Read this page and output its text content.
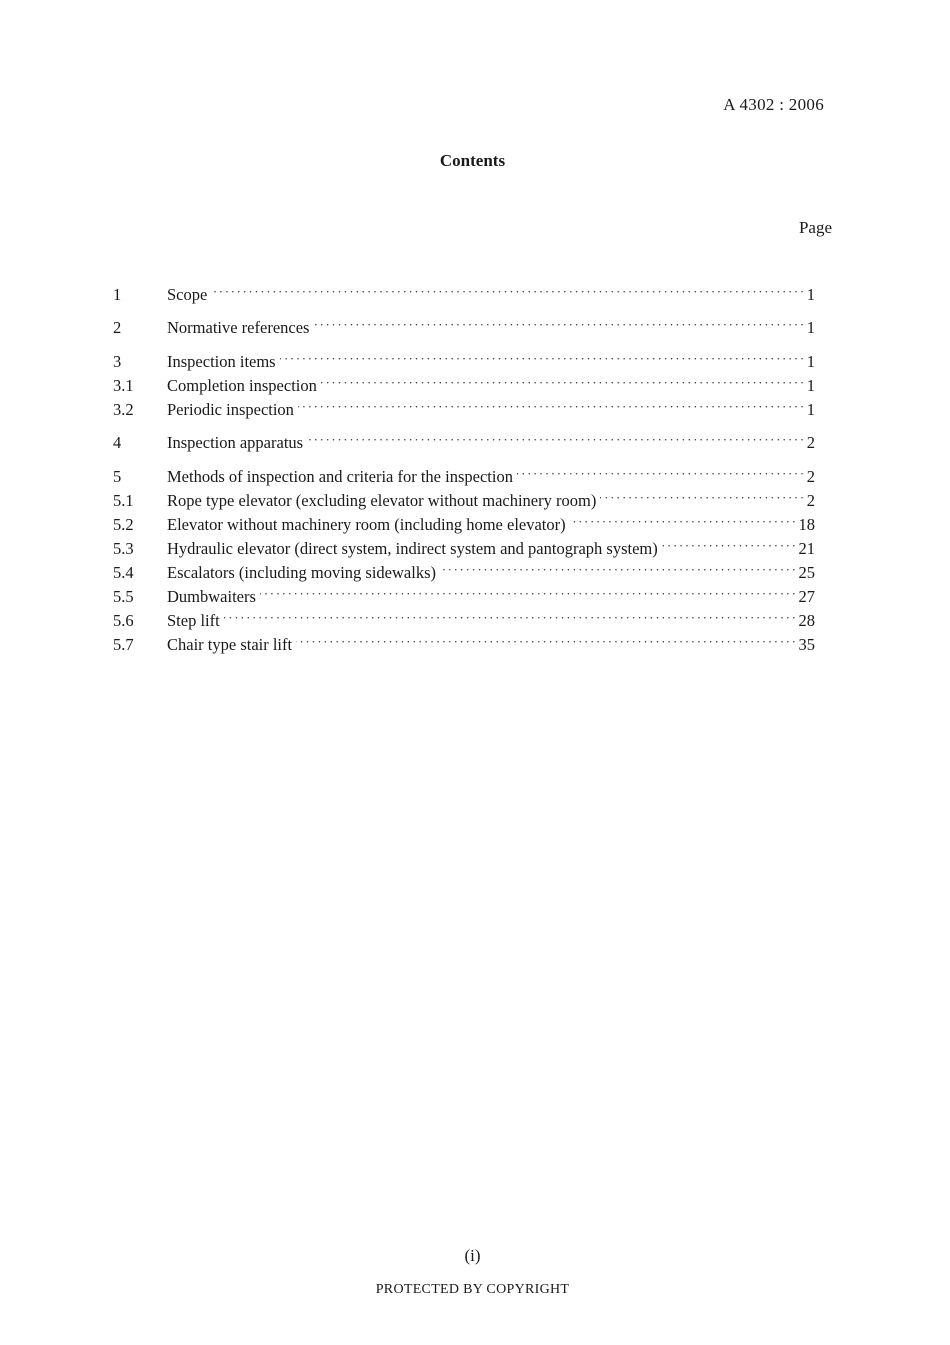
A 4302 : 2006
Contents
Page
1	Scope ·····	1
2	Normative references ·····	1
3	Inspection items ·····	1
3.1	Completion inspection ·····	1
3.2	Periodic inspection ·····	1
4	Inspection apparatus ·····	2
5	Methods of inspection and criteria for the inspection ·····	2
5.1	Rope type elevator (excluding elevator without machinery room) ·····	2
5.2	Elevator without machinery room (including home elevator) ·····	18
5.3	Hydraulic elevator (direct system, indirect system and pantograph system) ·····	21
5.4	Escalators (including moving sidewalks) ·····	25
5.5	Dumbwaiters ·····	27
5.6	Step lift ·····	28
5.7	Chair type stair lift ·····	35
(i)
PROTECTED BY COPYRIGHT
